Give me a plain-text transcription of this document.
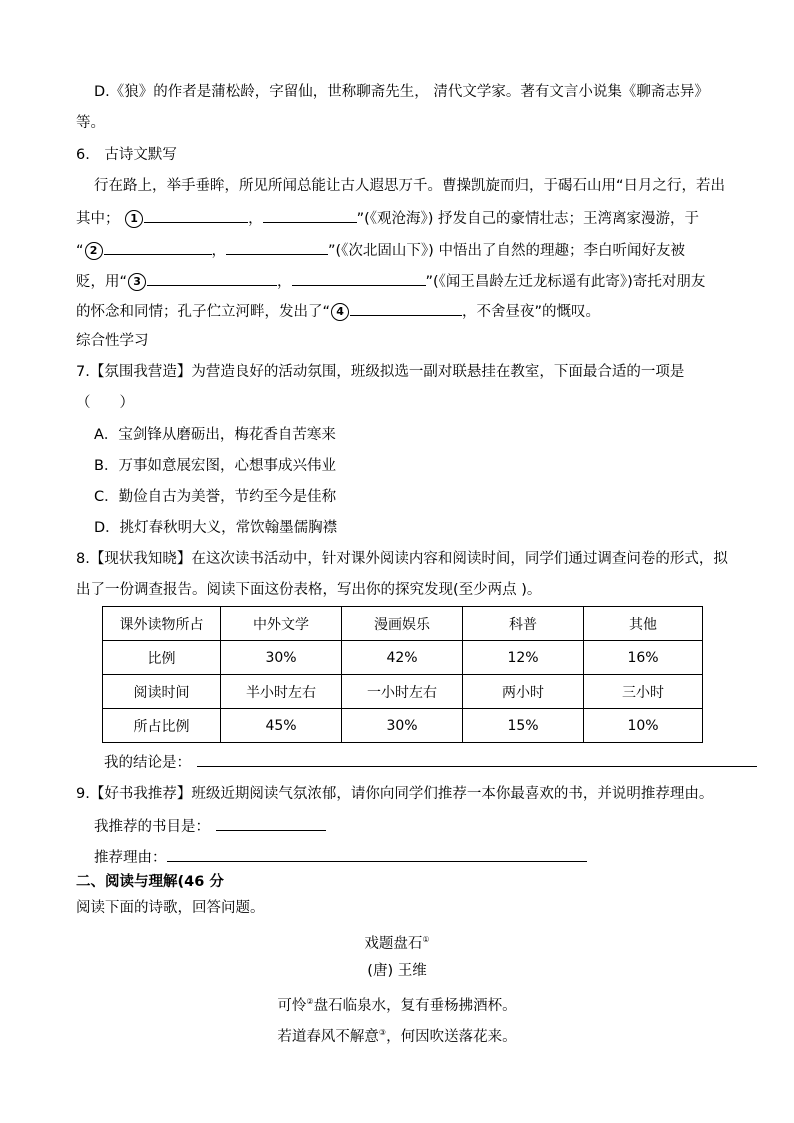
D.《狼》的作者是蒲松龄，字留仙，世称聊斋先生， 清代文学家。著有文言小说集《聊斋志异》
等。
6.　古诗文默写
行在路上，举手垂眸，所见所闻总能让古人遐思万千。曹操凯旋而归，于碣石山用“日月之行，若出
其中； 1	，	”(《观沧海》) 抒发自己的豪情壮志；王湾离家漫游，于
“ 2	，	”(《次北固山下》) 中悟出了自然的理趣；李白听闻好友被
贬，用“ 3	，	”(《闻王昌龄左迁龙标遥有此寄》)寄托对朋友
的怀念和同情；孔子伫立河畔，发出了“ 4	，不舍昼夜”的慨叹。
综合性学习
7.【氛围我营造】为营造良好的活动氛围，班级拟选一副对联悬挂在教室，下面最合适的一项是
（　　）
A．宝剑锋从磨砺出，梅花香自苦寒来
B．万事如意展宏图，心想事成兴伟业
C．勤俭自古为美誉，节约至今是佳称
D．挑灯春秋明大义，常饮翰墨儒胸襟
8.【现状我知晓】在这次读书活动中，针对课外阅读内容和阅读时间，同学们通过调查问卷的形式，拟
出了一份调查报告。阅读下面这份表格，写出你的探究发现(至少两点 )。
课外读物所占	中外文学	漫画娱乐	科普	其他
比例	30%	42%	12%	16%
阅读时间	半小时左右	一小时左右	两小时	三小时
所占比例	45%	30%	15%	10%
我的结论是：
9.【好书我推荐】班级近期阅读气氛浓郁，请你向同学们推荐一本你最喜欢的书，并说明推荐理由。
我推荐的书目是：
推荐理由：
二、阅读与理解(46 分
阅读下面的诗歌，回答问题。
戏题盘石①
(唐) 王维
可怜②盘石临泉水，复有垂杨拂酒杯。
若道春风不解意③，何因吹送落花来。
